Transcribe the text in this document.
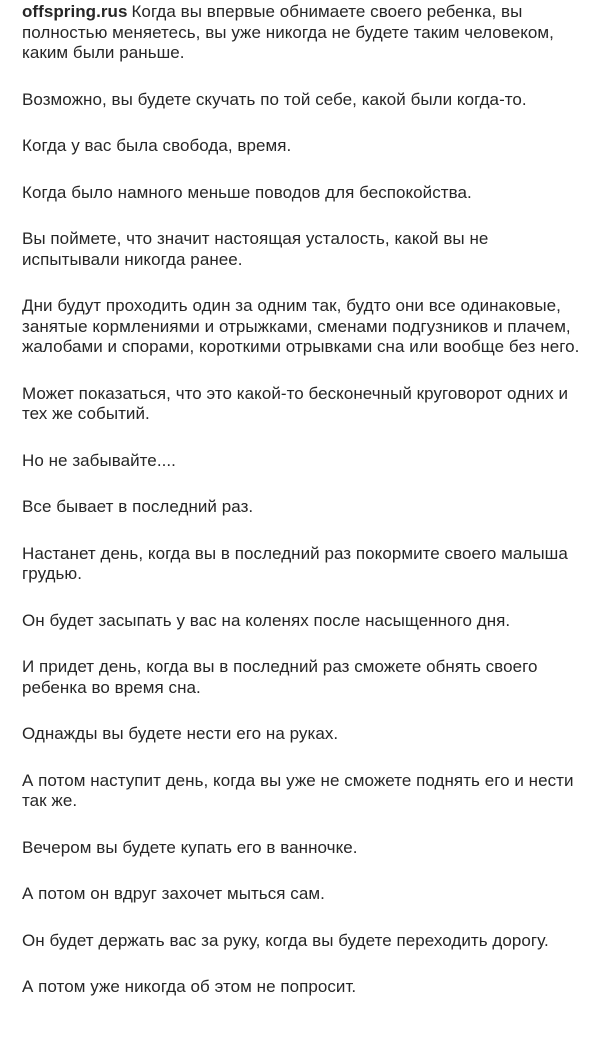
offspring.rus Когда вы впервые обнимаете своего ребенка, вы полностью меняетесь, вы уже никогда не будете таким человеком, каким были раньше.

Возможно, вы будете скучать по той себе, какой были когда-то.

Когда у вас была свобода, время.

Когда было намного меньше поводов для беспокойства.

Вы поймете, что значит настоящая усталость, какой вы не испытывали никогда ранее.

Дни будут проходить один за одним так, будто они все одинаковые, занятые кормлениями и отрыжками, сменами подгузников и плачем, жалобами и спорами, короткими отрывками сна или вообще без него.

Может показаться, что это какой-то бесконечный круговорот одних и тех же событий.

Но не забывайте....

Все бывает в последний раз.

Настанет день, когда вы в последний раз покормите своего малыша грудью.

Он будет засыпать у вас на коленях после насыщенного дня.

И придет день, когда вы в последний раз сможете обнять своего ребенка во время сна.

Однажды вы будете нести его на руках.

А потом наступит день, когда вы уже не сможете поднять его и нести так же.

Вечером вы будете купать его в ванночке.

А потом он вдруг захочет мыться сам.

Он будет держать вас за руку, когда вы будете переходить дорогу.

А потом уже никогда об этом не попросит.
